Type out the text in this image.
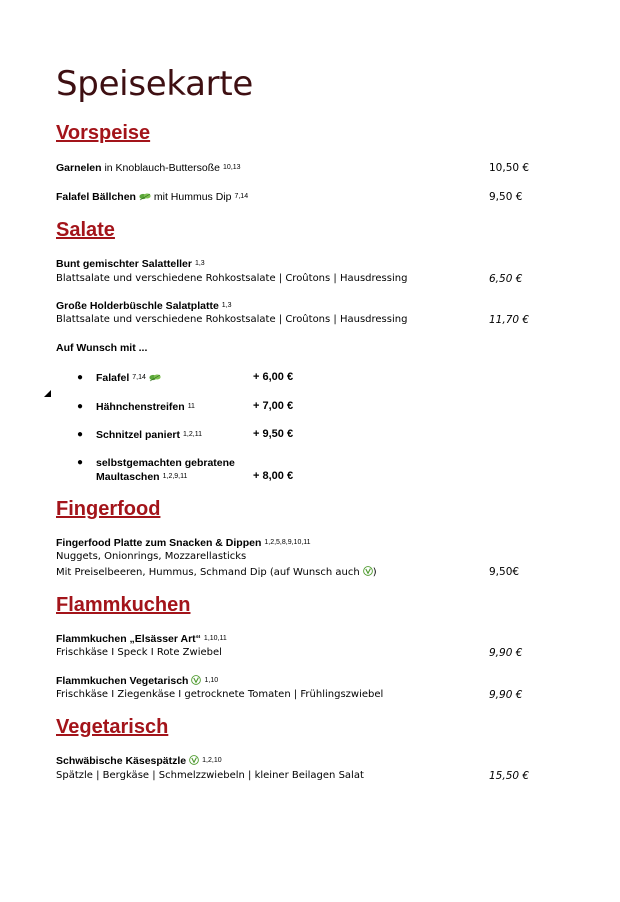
Speisekarte
Vorspeise
Garnelen in Knoblauch-Buttersoße $^{10,13}$	10,50 €
Falafel Bällchen mit Hummus Dip $^{7,14}$	9,50 €
Salate
Bunt gemischter Salatteller $^{1,3}$
Blattsalate und verschiedene Rohkostsalate | Croûtons | Hausdressing	6,50 €
Große Holderbüschle Salatplatte $^{1,3}$
Blattsalate und verschiedene Rohkostsalate | Croûtons | Hausdressing	11,70 €
Auf Wunsch mit ...
● Falafel $^{7,14}$	+ 6,00 €
● Hähnchenstreifen $^{11}$	+ 7,00 €
● Schnitzel paniert $^{1,2,11}$	+ 9,50 €
● selbstgemachten gebratene
Maultaschen $^{1,2,9,11}$	+ 8,00 €
Fingerfood
Fingerfood Platte zum Snacken & Dippen $^{1,2,5,8,9,10,11}$
Nuggets, Onionrings, Mozzarellasticks
Mit Preiselbeeren, Hummus, Schmand Dip (auf Wunsch auch )	9,50€
Flammkuchen
Flammkuchen „Elsässer Art“ $^{1,10,11}$
Frischkäse I Speck I Rote Zwiebel	9,90 €
Flammkuchen Vegetarisch $^{1,10}$
Frischkäse I Ziegenkäse I getrocknete Tomaten | Frühlingszwiebel	9,90 €
Vegetarisch
Schwäbische Käsespätzle $^{1,2,10}$
Spätzle | Bergkäse | Schmelzzwiebeln | kleiner Beilagen Salat	15,50 €
